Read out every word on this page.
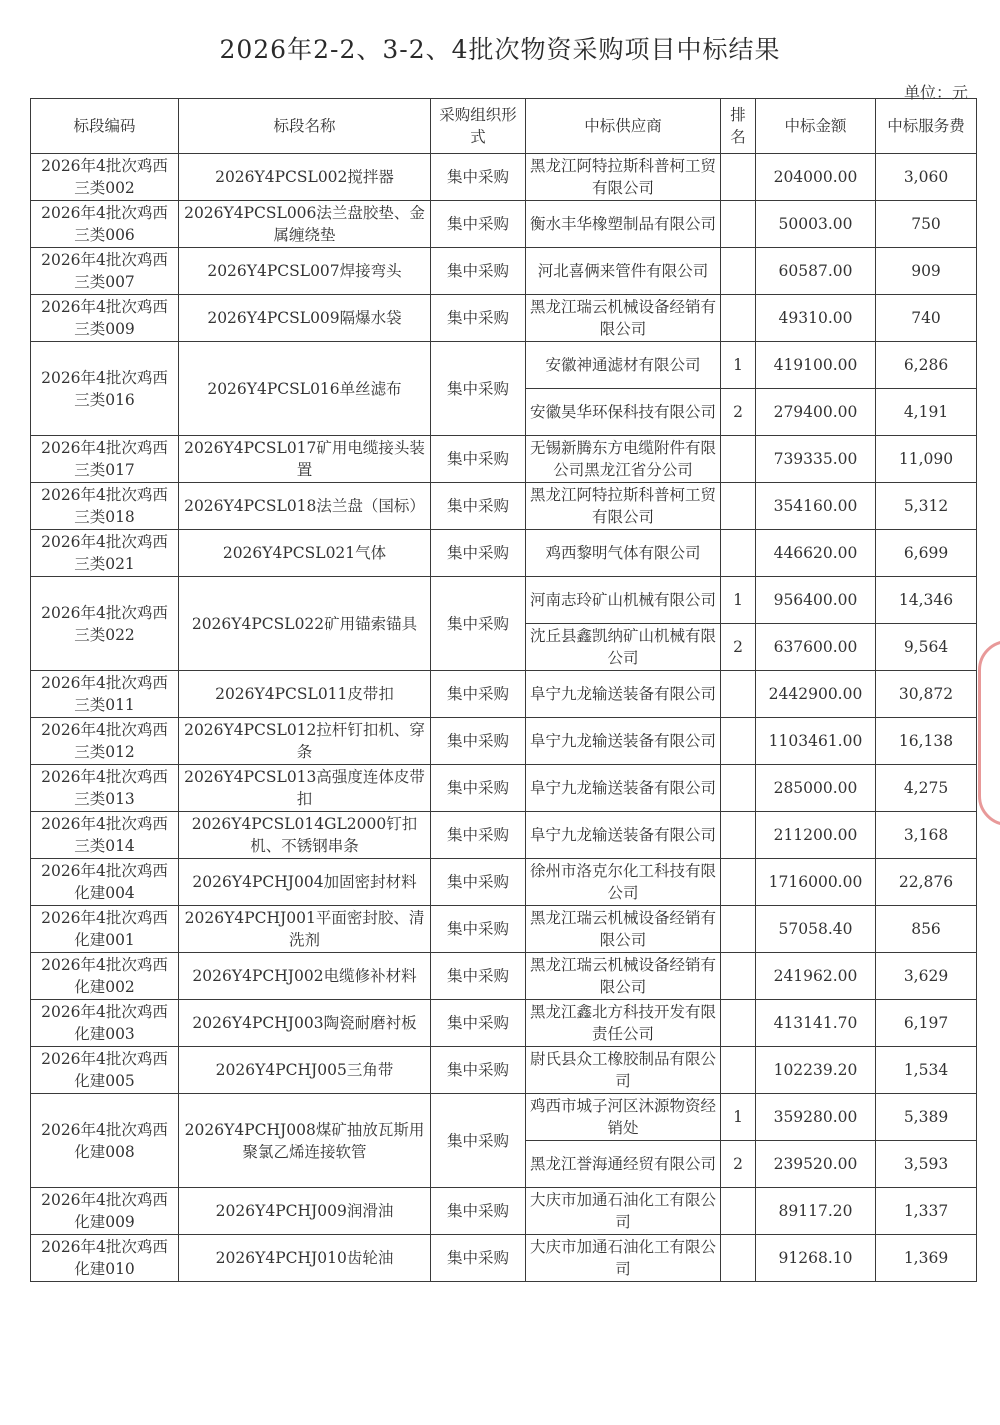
2026年2-2、3-2、4批次物资采购项目中标结果
单位：元
标段编码	标段名称	采购组织形式	中标供应商	排名	中标金额	中标服务费
2026年4批次鸡西三类002	2026Y4PCSL002搅拌器	集中采购	黑龙江阿特拉斯科普柯工贸有限公司		204000.00	3,060
2026年4批次鸡西三类006	2026Y4PCSL006法兰盘胶垫、金属缠绕垫	集中采购	衡水丰华橡塑制品有限公司		50003.00	750
2026年4批次鸡西三类007	2026Y4PCSL007焊接弯头	集中采购	河北喜俩来管件有限公司		60587.00	909
2026年4批次鸡西三类009	2026Y4PCSL009隔爆水袋	集中采购	黑龙江瑞云机械设备经销有限公司		49310.00	740
2026年4批次鸡西三类016	2026Y4PCSL016单丝滤布	集中采购	安徽神通滤材有限公司	1	419100.00	6,286
			安徽昊华环保科技有限公司	2	279400.00	4,191
2026年4批次鸡西三类017	2026Y4PCSL017矿用电缆接头装置	集中采购	无锡新腾东方电缆附件有限公司黑龙江省分公司		739335.00	11,090
2026年4批次鸡西三类018	2026Y4PCSL018法兰盘（国标）	集中采购	黑龙江阿特拉斯科普柯工贸有限公司		354160.00	5,312
2026年4批次鸡西三类021	2026Y4PCSL021气体	集中采购	鸡西黎明气体有限公司		446620.00	6,699
2026年4批次鸡西三类022	2026Y4PCSL022矿用锚索锚具	集中采购	河南志玲矿山机械有限公司	1	956400.00	14,346
			沈丘县鑫凯纳矿山机械有限公司	2	637600.00	9,564
2026年4批次鸡西三类011	2026Y4PCSL011皮带扣	集中采购	阜宁九龙输送装备有限公司		2442900.00	30,872
2026年4批次鸡西三类012	2026Y4PCSL012拉杆钉扣机、穿条	集中采购	阜宁九龙输送装备有限公司		1103461.00	16,138
2026年4批次鸡西三类013	2026Y4PCSL013高强度连体皮带扣	集中采购	阜宁九龙输送装备有限公司		285000.00	4,275
2026年4批次鸡西三类014	2026Y4PCSL014GL2000钉扣机、不锈钢串条	集中采购	阜宁九龙输送装备有限公司		211200.00	3,168
2026年4批次鸡西化建004	2026Y4PCHJ004加固密封材料	集中采购	徐州市洛克尔化工科技有限公司		1716000.00	22,876
2026年4批次鸡西化建001	2026Y4PCHJ001平面密封胶、清洗剂	集中采购	黑龙江瑞云机械设备经销有限公司		57058.40	856
2026年4批次鸡西化建002	2026Y4PCHJ002电缆修补材料	集中采购	黑龙江瑞云机械设备经销有限公司		241962.00	3,629
2026年4批次鸡西化建003	2026Y4PCHJ003陶瓷耐磨衬板	集中采购	黑龙江鑫北方科技开发有限责任公司		413141.70	6,197
2026年4批次鸡西化建005	2026Y4PCHJ005三角带	集中采购	尉氏县众工橡胶制品有限公司		102239.20	1,534
2026年4批次鸡西化建008	2026Y4PCHJ008煤矿抽放瓦斯用聚氯乙烯连接软管	集中采购	鸡西市城子河区沐源物资经销处	1	359280.00	5,389
			黑龙江誉海通经贸有限公司	2	239520.00	3,593
2026年4批次鸡西化建009	2026Y4PCHJ009润滑油	集中采购	大庆市加通石油化工有限公司		89117.20	1,337
2026年4批次鸡西化建010	2026Y4PCHJ010齿轮油	集中采购	大庆市加通石油化工有限公司		91268.10	1,369
